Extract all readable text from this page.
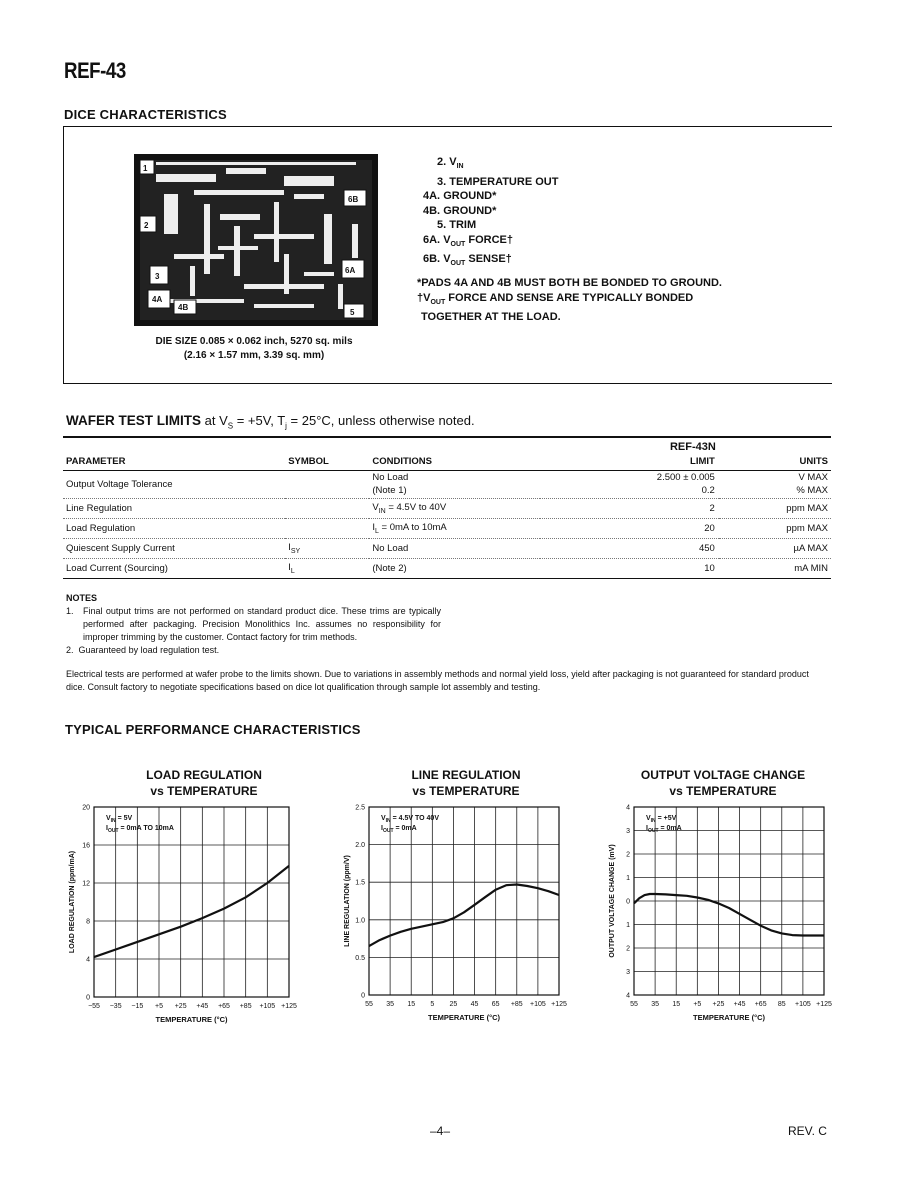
REF-43
DICE CHARACTERISTICS
1
2
3
4A
4B
5
6A
6B
2. $V_{IN}$
3. TEMPERATURE OUT
4A. GROUND*
4B. GROUND*
5. TRIM
6A. $V_{OUT}$ FORCE†
6B. $V_{OUT}$ SENSE†
*PADS 4A AND 4B MUST BOTH BE BONDED TO GROUND.
$\dagger V_{OUT}$ FORCE AND SENSE ARE TYPICALLY BONDED
TOGETHER AT THE LOAD.
DIE SIZE 0.085 × 0.062 inch, 5270 sq. mils
(2.16 × 1.57 mm, 3.39 sq. mm)
WAFER TEST LIMITS at $V_S = +5V$, $T_j = 25^\circ C$, unless otherwise noted.
			REF-43N	
PARAMETER	SYMBOL	CONDITIONS	LIMIT	UNITS
Output Voltage Tolerance		No Load	2.500 ± 0.005	V MAX
		(Note 1)	0.2	% MAX
Line Regulation		$V_{IN} = 4.5V$ to 40V	2	ppm MAX
Load Regulation		$I_L = 0mA$ to 10mA	20	ppm MAX
Quiescent Supply Current	$I_{SY}$	No Load	450	µA MAX
Load Current (Sourcing)	$I_L$	(Note 2)	10	mA MIN
NOTES
1.	Final output trims are not performed on standard product dice. These trims are typically performed after packaging. Precision Monolithics Inc. assumes no responsibility for improper trimming by the customer. Contact factory for trim methods.
2. Guaranteed by load regulation test.
Electrical tests are performed at wafer probe to the limits shown. Due to variations in assembly methods and normal yield loss, yield after packaging is not guaranteed for standard product dice. Consult factory to negotiate specifications based on dice lot qualification through sample lot assembly and testing.
TYPICAL PERFORMANCE CHARACTERISTICS
LOAD REGULATION
vs TEMPERATURE
LINE REGULATION
vs TEMPERATURE
OUTPUT VOLTAGE CHANGE
vs TEMPERATURE
−55 −35 −15 +5 +25 +45 +65 +85 +105 +125
0
4
8
12
16
20
TEMPERATURE (°C)
LOAD REGULATION (ppm/mA)
$V_{IN} = 5V$
$I_{OUT} = 0mA$ TO 10mA
55 35 15 5 25 45 65 +85 +105 +125
0
0.5
1.0
1.5
2.0
2.5
TEMPERATURE (°C)
LINE REGULATION (ppm/V)
$V_{IN} = 4.5V$ TO 40V
$I_{OUT} = 0mA$
55 35 15 +5 +25 +45 +65 85 +105 +125
4
3
2
1
0
1
2
3
4
TEMPERATURE (°C)
OUTPUT VOLTAGE CHANGE (mV)
$V_{IN} = +5V$
$I_{OUT} = 0mA$
–4–	REV. C
